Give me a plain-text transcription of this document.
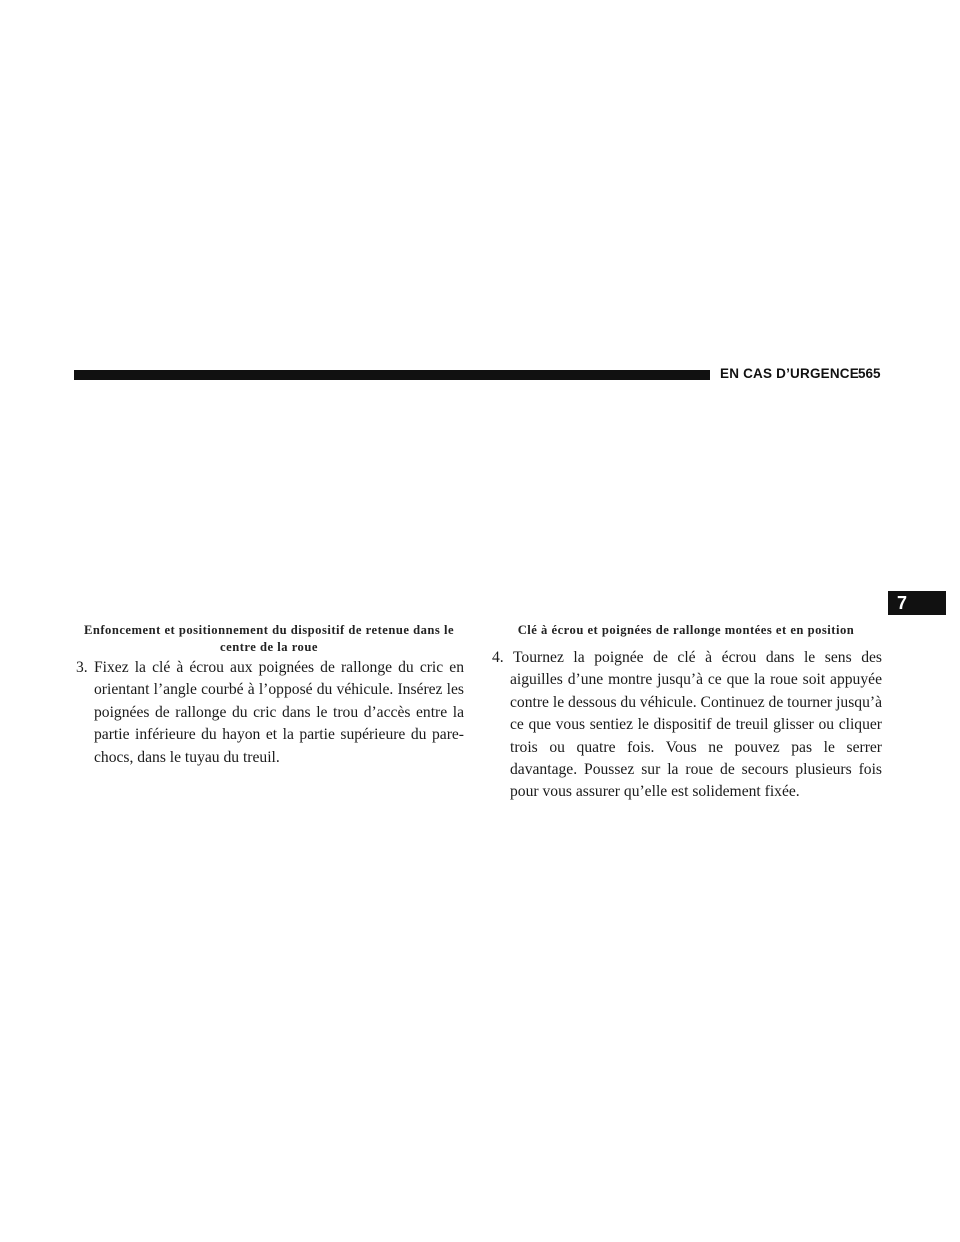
EN CAS D’URGENCE 565
7
Enfoncement et positionnement du dispositif de retenue dans le centre de la roue
Clé à écrou et poignées de rallonge montées et en position
3. Fixez la clé à écrou aux poignées de rallonge du cric en orientant l’angle courbé à l’opposé du véhicule. Insérez les poignées de rallonge du cric dans le trou d’accès entre la partie inférieure du hayon et la partie supérieure du pare-chocs, dans le tuyau du treuil.
4. Tournez la poignée de clé à écrou dans le sens des aiguilles d’une montre jusqu’à ce que la roue soit appuyée contre le dessous du véhicule. Continuez de tourner jusqu’à ce que vous sentiez le dispositif de treuil glisser ou cliquer trois ou quatre fois. Vous ne pouvez pas le serrer davantage. Poussez sur la roue de secours plusieurs fois pour vous assurer qu’elle est solidement fixée.
